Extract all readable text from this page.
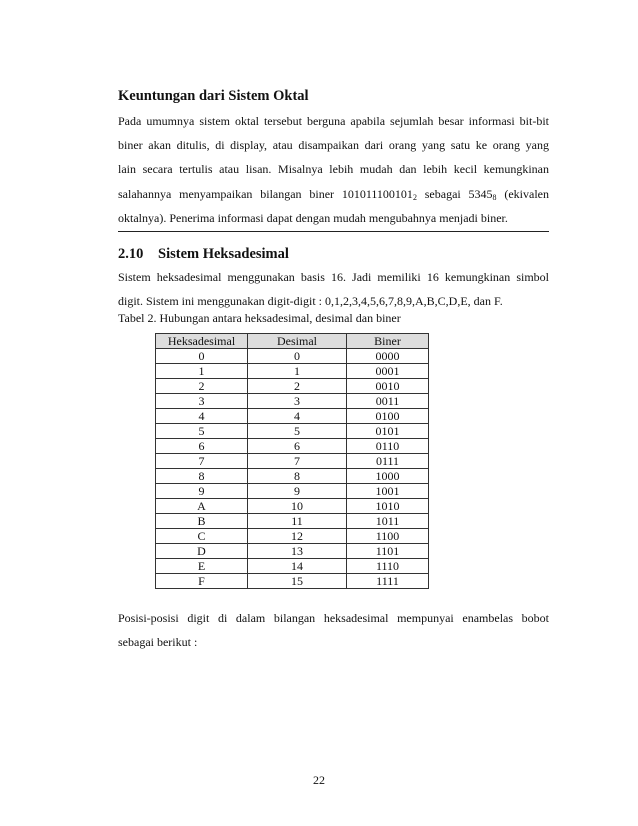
Keuntungan dari Sistem Oktal
Pada umumnya sistem oktal tersebut berguna apabila sejumlah besar informasi bit-bit
biner akan ditulis, di display, atau disampaikan dari orang yang satu ke orang yang
lain secara tertulis atau lisan. Misalnya lebih mudah dan lebih kecil kemungkinan
salahannya menyampaikan bilangan biner $101011100101_2$ sebagai $5345_8$ (ekivalen
oktalnya). Penerima informasi dapat dengan mudah mengubahnya menjadi biner.
2.10 Sistem Heksadesimal
Sistem heksadesimal menggunakan basis 16. Jadi memiliki 16 kemungkinan simbol
digit. Sistem ini menggunakan digit-digit : 0,1,2,3,4,5,6,7,8,9,A,B,C,D,E, dan F.
Tabel 2. Hubungan antara heksadesimal, desimal dan biner
Heksadesimal	Desimal	Biner
0	0	0000
1	1	0001
2	2	0010
3	3	0011
4	4	0100
5	5	0101
6	6	0110
7	7	0111
8	8	1000
9	9	1001
A	10	1010
B	11	1011
C	12	1100
D	13	1101
E	14	1110
F	15	1111
Posisi-posisi digit di dalam bilangan heksadesimal mempunyai enambelas bobot
sebagai berikut :
22
